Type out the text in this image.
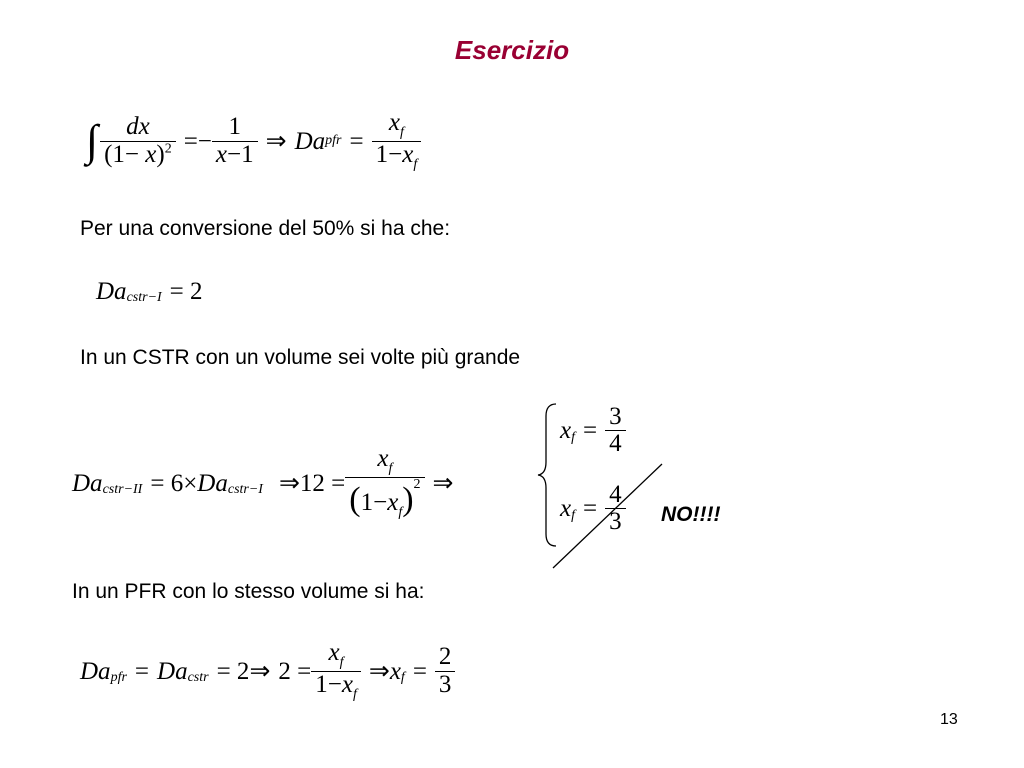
Esercizio
∫ $\frac{dx}{(1- x)^2}$ = − $\frac{1}{x-1}$ ⇒ Da pfr = $\frac{x_f}{1-x_f}$
Per una conversione del 50% si ha che:
$Da_{cstr-I} = 2$
In un CSTR con un volume sei volte più grande
$Da_{cstr-II} = 6\times Da_{cstr-I}$ ⇒ $12 = \frac{x_f}{(1-x_f)^2}$ ⇒
$x_f = \frac{3}{4}$
$x_f = \frac{4}{3}$ NO!!!!
In un PFR con lo stesso volume si ha:
$Da_{pfr} = Da_{cstr} = 2$ ⇒ $2 = \frac{x_f}{1-x_f}$ ⇒ $x_f = \frac{2}{3}$
13
